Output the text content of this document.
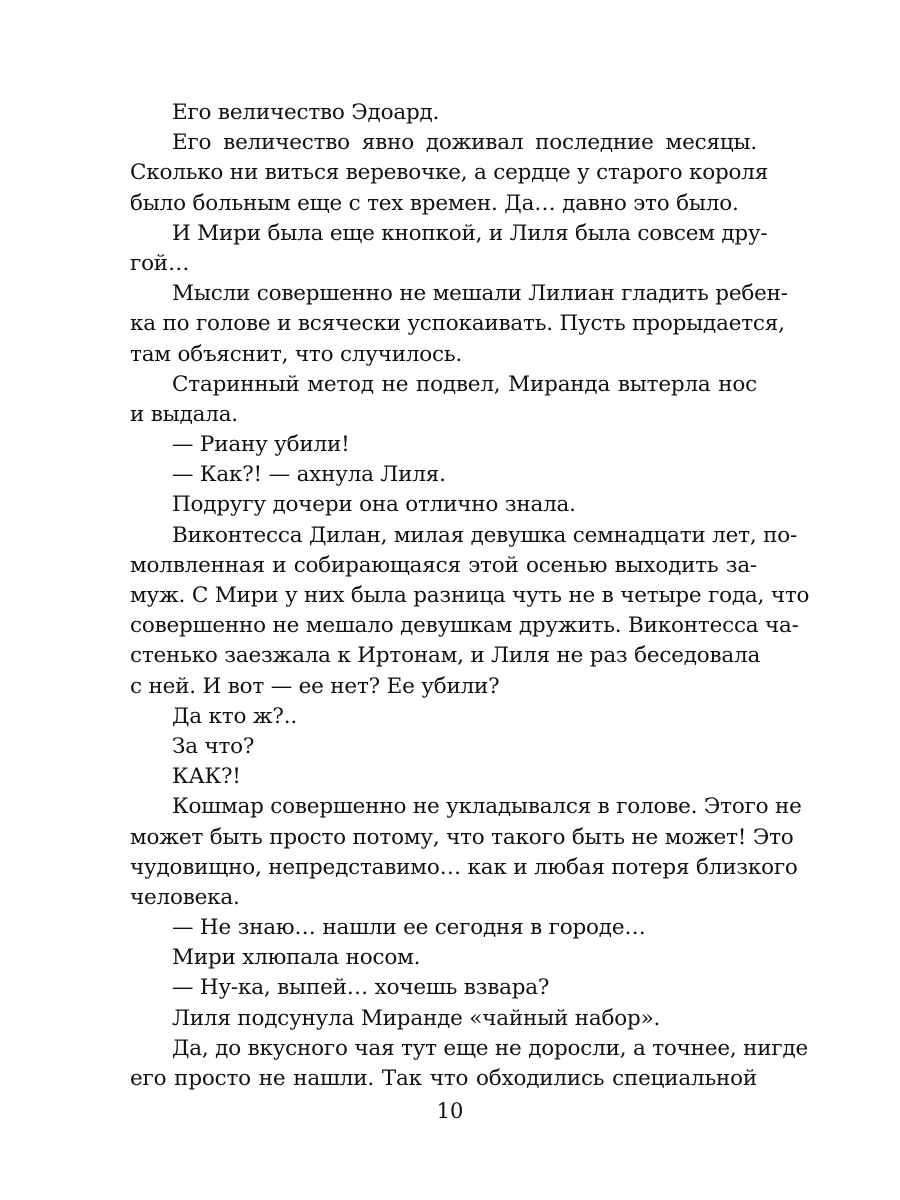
Его величество Эдоард.
Его величество явно доживал последние месяцы.
Сколько ни виться веревочке, а сердце у старого короля
было больным еще с тех времен. Да… давно это было.
И Мири была еще кнопкой, и Лиля была совсем дру-
гой…
Мысли совершенно не мешали Лилиан гладить ребен-
ка по голове и всячески успокаивать. Пусть прорыдается,
там объяснит, что случилось.
Старинный метод не подвел, Миранда вытерла нос
и выдала.
— Риану убили!
— Как?! — ахнула Лиля.
Подругу дочери она отлично знала.
Виконтесса Дилан, милая девушка семнадцати лет, по-
молвленная и собирающаяся этой осенью выходить за-
муж. С Мири у них была разница чуть не в четыре года, что
совершенно не мешало девушкам дружить. Виконтесса ча-
стенько заезжала к Иртонам, и Лиля не раз беседовала
с ней. И вот — ее нет? Ее убили?
Да кто ж?..
За что?
КАК?!
Кошмар совершенно не укладывался в голове. Этого не
может быть просто потому, что такого быть не может! Это
чудовищно, непредставимо… как и любая потеря близкого
человека.
— Не знаю… нашли ее сегодня в городе…
Мири хлюпала носом.
— Ну-ка, выпей… хочешь взвара?
Лиля подсунула Миранде «чайный набор».
Да, до вкусного чая тут еще не доросли, а точнее, нигде
его просто не нашли. Так что обходились специальной
10
